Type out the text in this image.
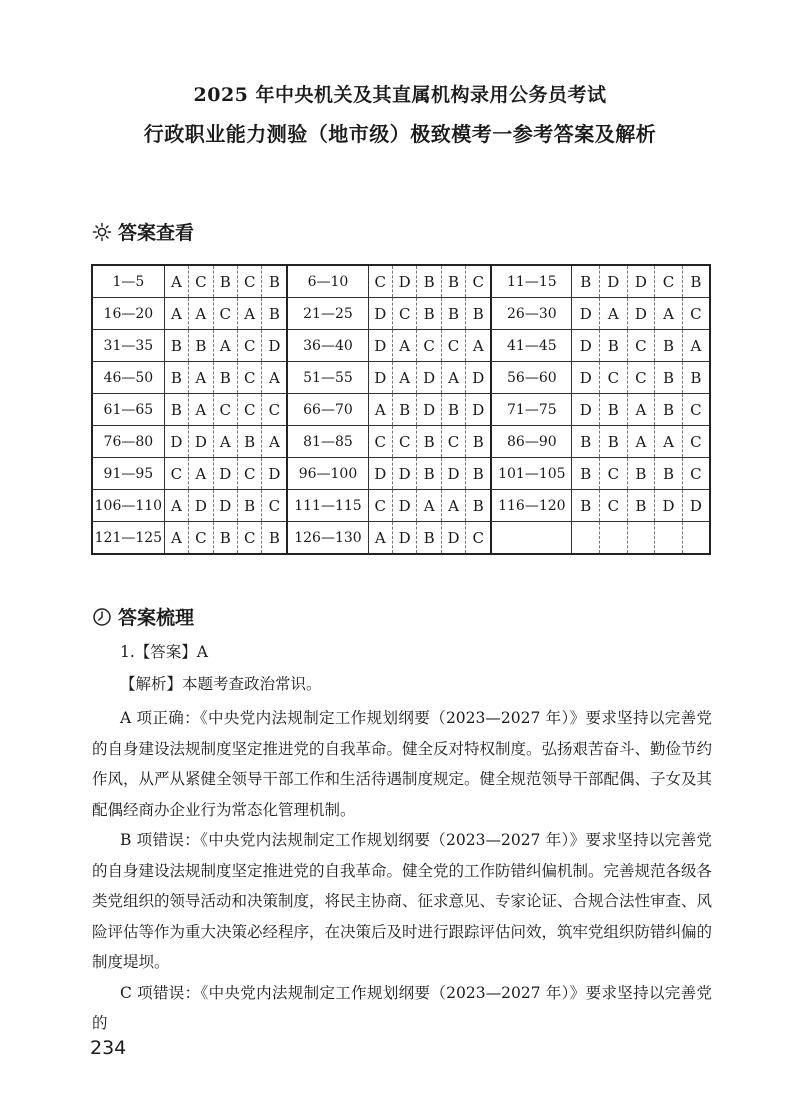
2025 年中央机关及其直属机构录用公务员考试
行政职业能力测验（地市级）极致模考一参考答案及解析
答案查看
1—5	A	C	B	C	B	6—10	C	D	B	B	C	11—15	B	D	D	C	B
16—20	A	A	C	A	B	21—25	D	C	B	B	B	26—30	D	A	D	A	C
31—35	B	B	A	C	D	36—40	D	A	C	C	A	41—45	D	B	C	B	A
46—50	B	A	B	C	A	51—55	D	A	D	A	D	56—60	D	C	C	B	B
61—65	B	A	C	C	C	66—70	A	B	D	B	D	71—75	D	B	A	B	C
76—80	D	D	A	B	A	81—85	C	C	B	C	B	86—90	B	B	A	A	C
91—95	C	A	D	C	D	96—100	D	D	B	D	B	101—105	B	C	B	B	C
106—110	A	D	D	B	C	111—115	C	D	A	A	B	116—120	B	C	B	D	D
121—125	A	C	B	C	B	126—130	A	D	B	D	C						
答案梳理
1.【答案】A
【解析】本题考查政治常识。

A 项正确：《中央党内法规制定工作规划纲要（2023—2027 年）》要求坚持以完善党的自身建设法规制度坚定推进党的自我革命。健全反对特权制度。弘扬艰苦奋斗、勤俭节约作风，从严从紧健全领导干部工作和生活待遇制度规定。健全规范领导干部配偶、子女及其配偶经商办企业行为常态化管理机制。

B 项错误：《中央党内法规制定工作规划纲要（2023—2027 年）》要求坚持以完善党的自身建设法规制度坚定推进党的自我革命。健全党的工作防错纠偏机制。完善规范各级各类党组织的领导活动和决策制度，将民主协商、征求意见、专家论证、合规合法性审查、风险评估等作为重大决策必经程序，在决策后及时进行跟踪评估问效，筑牢党组织防错纠偏的制度堤坝。

C 项错误：《中央党内法规制定工作规划纲要（2023—2027 年）》要求坚持以完善党的

234
